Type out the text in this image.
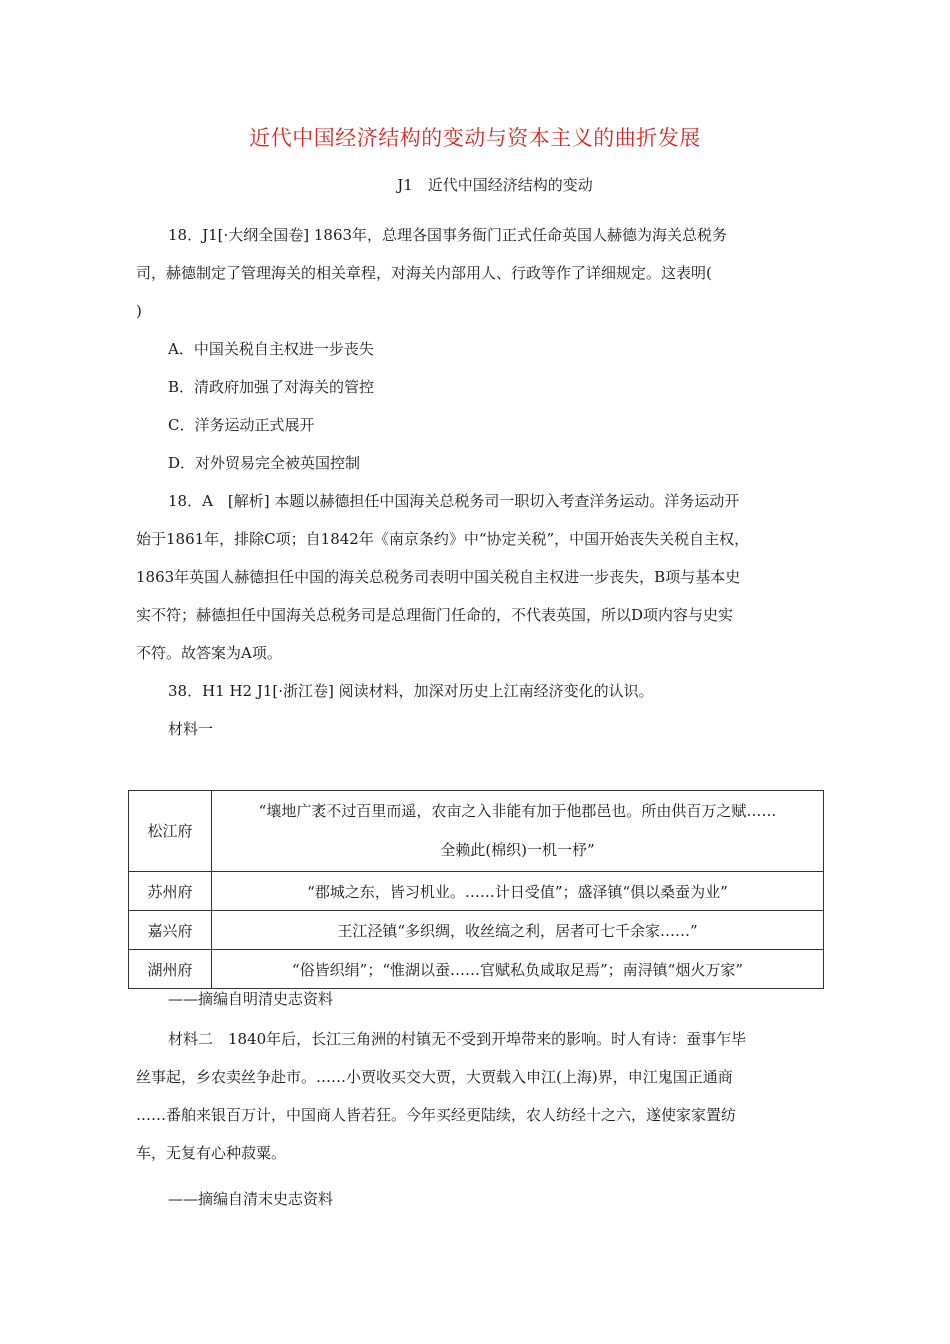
近代中国经济结构的变动与资本主义的曲折发展
J1　近代中国经济结构的变动

18．J1[·大纲全国卷] 1863年，总理各国事务衙门正式任命英国人赫德为海关总税务

司，赫德制定了管理海关的相关章程，对海关内部用人、行政等作了详细规定。这表明(

)

A．中国关税自主权进一步丧失

B．清政府加强了对海关的管控

C．洋务运动正式展开

D．对外贸易完全被英国控制

18．A　[解析] 本题以赫德担任中国海关总税务司一职切入考查洋务运动。洋务运动开

始于1861年，排除C项；自1842年《南京条约》中“协定关税”，中国开始丧失关税自主权，

1863年英国人赫德担任中国的海关总税务司表明中国关税自主权进一步丧失，B项与基本史

实不符；赫德担任中国海关总税务司是总理衙门任命的，不代表英国，所以D项内容与史实

不符。故答案为A项。

38．H1 H2 J1[·浙江卷] 阅读材料，加深对历史上江南经济变化的认识。

材料一

松江府	“壤地广袤不过百里而遥，农亩之入非能有加于他郡邑也。所由供百万之赋……
全赖此(棉织)一机一杼”

苏州府	“郡城之东，皆习机业。……计日受值”；盛泽镇“俱以桑蚕为业”
嘉兴府	王江泾镇“多织绸，收丝缟之利，居者可七千余家……”
湖州府	“俗皆织绢”；“惟湖以蚕……官赋私负咸取足焉”；南浔镇“烟火万家”
——摘编自明清史志资料

材料二　1840年后，长江三角洲的村镇无不受到开埠带来的影响。时人有诗：蚕事乍毕

丝事起，乡农卖丝争赴市。……小贾收买交大贾，大贾载入申江(上海)界，申江鬼国正通商

……番舶来银百万计，中国商人皆若狂。今年买经更陆续，农人纺经十之六，遂使家家置纺

车，无复有心种菽粟。

——摘编自清末史志资料
